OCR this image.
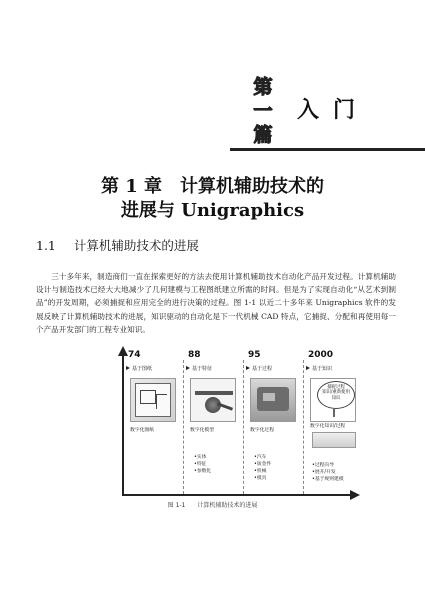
第
一
篇
入门
第 1 章　计算机辅助技术的
进展与 Unigraphics
1.1 计算机辅助技术的进展

三十多年来，制造商们一直在探索更好的方法去使用计算机辅助技术自动化产品开发过程。计算机辅助设计与制造技术已经大大地减少了几何建模与工程图纸建立所需的时间。但是为了实现自动化“从艺术到制品”的开发周期，必须捕捉和应用完全的进行决策的过程。图 1-1 以近二十多年来 Unigraphics 软件的发展反映了计算机辅助技术的进展，知识驱动的自动化是下一代机械 CAD 特点，它捕捉、分配和再使用每一个产品开发部门的工程专业知识。

74
基于图纸
数字化图纸
88
基于特征
数字化模型
•实体
•特征
•参数化
95
基于过程
数字化过程
•汽车
•钣金件
•机械
•模具
2000
基于知识
捕捉过程
知识/重新使用
知识
数字化知识/过程
•过程向导
•展开/开发
•基于规则建模
图 1-1 计算机辅助技术的进展
